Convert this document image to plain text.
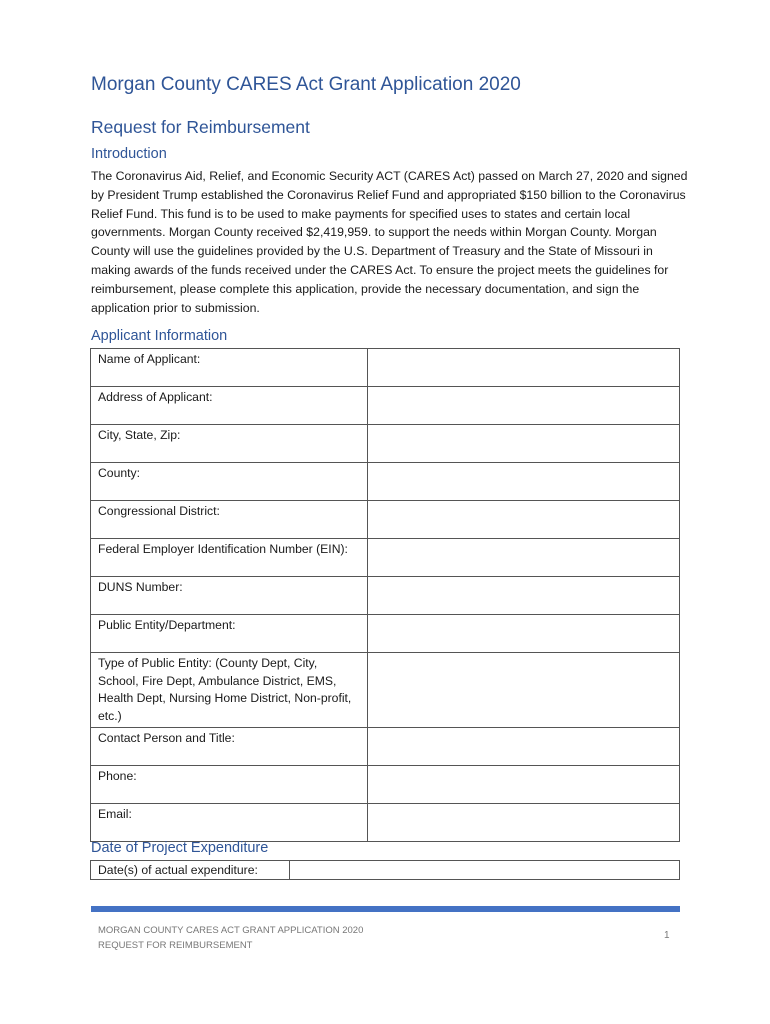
Morgan County CARES Act Grant Application 2020
Request for Reimbursement
Introduction
The Coronavirus Aid, Relief, and Economic Security ACT (CARES Act) passed on March 27, 2020 and signed by President Trump established the Coronavirus Relief Fund and appropriated $150 billion to the Coronavirus Relief Fund. This fund is to be used to make payments for specified uses to states and certain local governments. Morgan County received $2,419,959. to support the needs within Morgan County. Morgan County will use the guidelines provided by the U.S. Department of Treasury and the State of Missouri in making awards of the funds received under the CARES Act. To ensure the project meets the guidelines for reimbursement, please complete this application, provide the necessary documentation, and sign the application prior to submission.
Applicant Information
Name of Applicant:	
Address of Applicant:	
City, State, Zip:	
County:	
Congressional District:	
Federal Employer Identification Number (EIN):	
DUNS Number:	
Public Entity/Department:	
Type of Public Entity: (County Dept, City, School, Fire Dept, Ambulance District, EMS, Health Dept, Nursing Home District, Non-profit, etc.)	
Contact Person and Title:	
Phone:	
Email:	
Date of Project Expenditure
Date(s) of actual expenditure:	
MORGAN COUNTY CARES ACT GRANT APPLICATION 2020
REQUEST FOR REIMBURSEMENT
1
